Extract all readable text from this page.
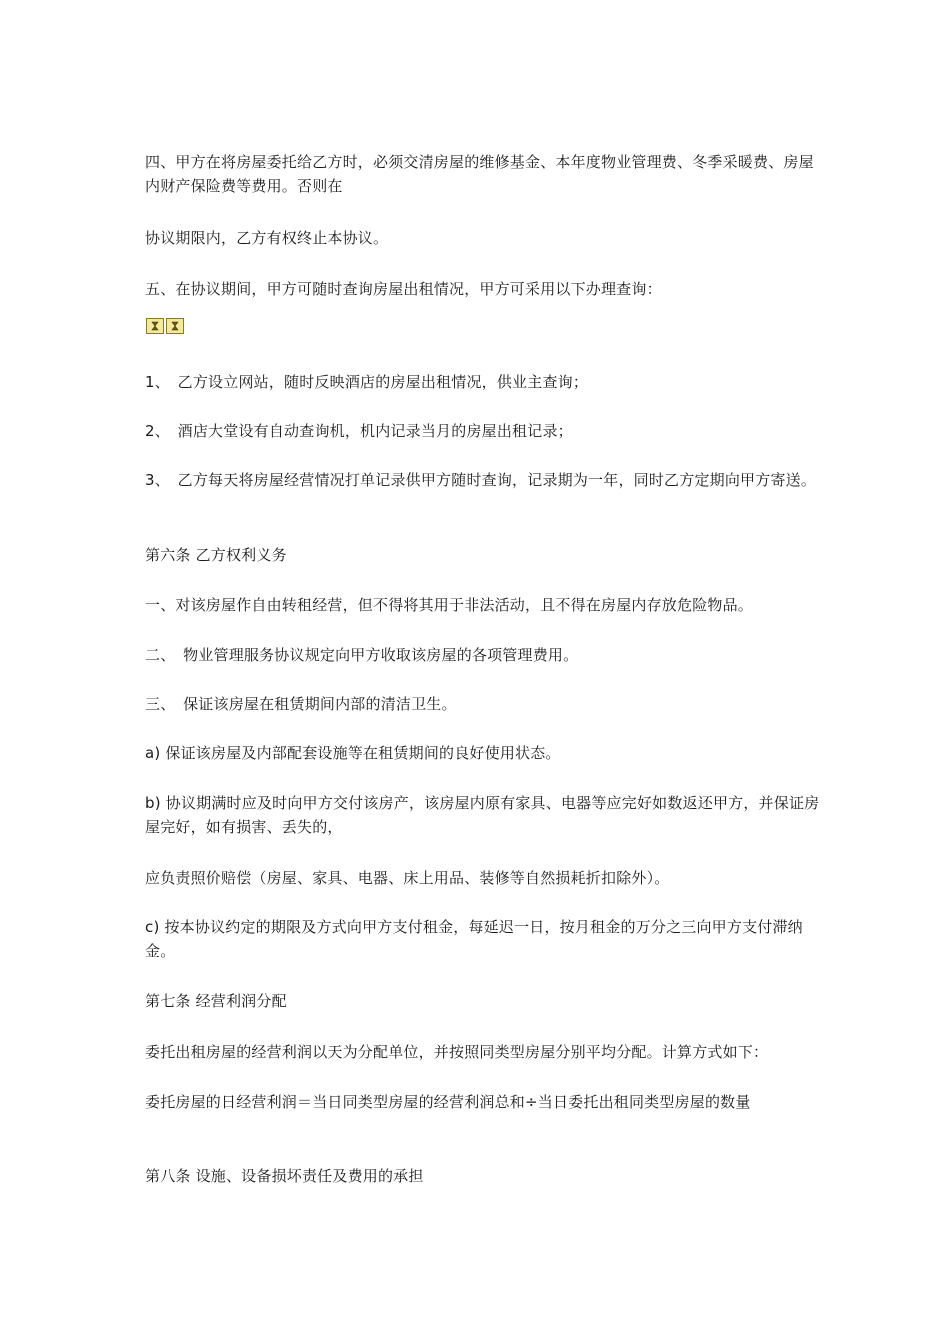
四、甲方在将房屋委托给乙方时，必须交清房屋的维修基金、本年度物业管理费、冬季采暖费、房屋内财产保险费等费用。否则在
协议期限内，乙方有权终止本协议。
五、在协议期间，甲方可随时查询房屋出租情况，甲方可采用以下办理查询：
1、　乙方设立网站，随时反映酒店的房屋出租情况，供业主查询；
2、　酒店大堂设有自动查询机，机内记录当月的房屋出租记录；
3、　乙方每天将房屋经营情况打单记录供甲方随时查询，记录期为一年，同时乙方定期向甲方寄送。
第六条 乙方权利义务
一、对该房屋作自由转租经营，但不得将其用于非法活动，且不得在房屋内存放危险物品。
二、　物业管理服务协议规定向甲方收取该房屋的各项管理费用。
三、　保证该房屋在租赁期间内部的清洁卫生。
a) 保证该房屋及内部配套设施等在租赁期间的良好使用状态。
b) 协议期满时应及时向甲方交付该房产，该房屋内原有家具、电器等应完好如数返还甲方，并保证房屋完好，如有损害、丢失的，
应负责照价赔偿（房屋、家具、电器、床上用品、装修等自然损耗折扣除外）。
c) 按本协议约定的期限及方式向甲方支付租金，每延迟一日，按月租金的万分之三向甲方支付滞纳金。
第七条 经营利润分配
委托出租房屋的经营利润以天为分配单位，并按照同类型房屋分别平均分配。计算方式如下：
委托房屋的日经营利润＝当日同类型房屋的经营利润总和÷当日委托出租同类型房屋的数量
第八条 设施、设备损坏责任及费用的承担
